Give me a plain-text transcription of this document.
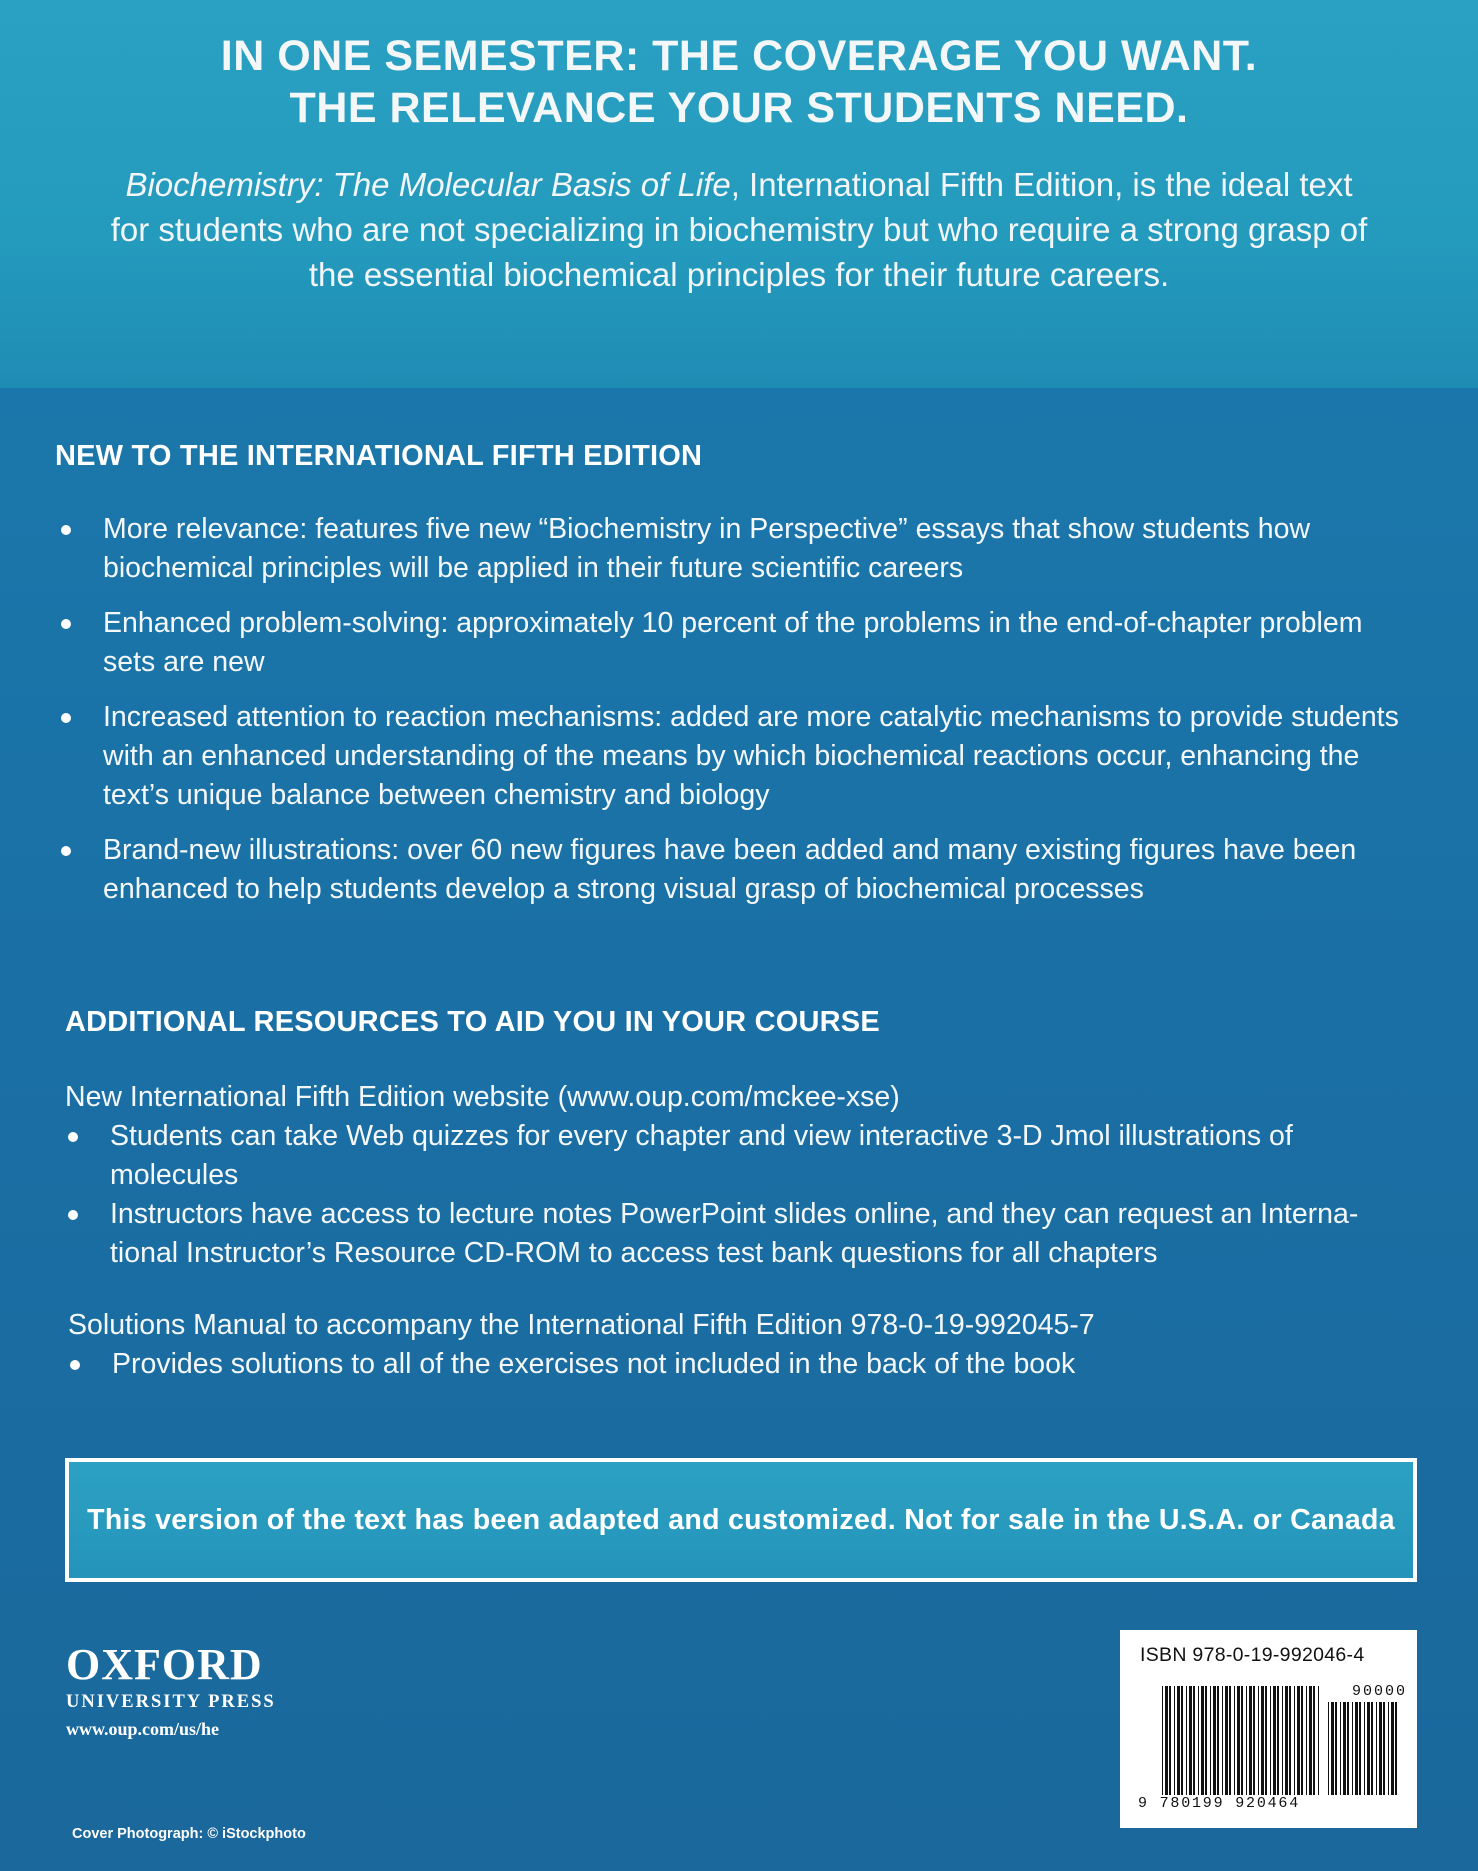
IN ONE SEMESTER: THE COVERAGE YOU WANT.
THE RELEVANCE YOUR STUDENTS NEED.
Biochemistry: The Molecular Basis of Life, International Fifth Edition, is the ideal text
for students who are not specializing in biochemistry but who require a strong grasp of
the essential biochemical principles for their future careers.
NEW TO THE INTERNATIONAL FIFTH EDITION
More relevance: features five new “Biochemistry in Perspective” essays that show students how
biochemical principles will be applied in their future scientific careers
Enhanced problem-solving: approximately 10 percent of the problems in the end-of-chapter problem
sets are new
Increased attention to reaction mechanisms: added are more catalytic mechanisms to provide students
with an enhanced understanding of the means by which biochemical reactions occur, enhancing the
text’s unique balance between chemistry and biology
Brand-new illustrations: over 60 new figures have been added and many existing figures have been
enhanced to help students develop a strong visual grasp of biochemical processes
ADDITIONAL RESOURCES TO AID YOU IN YOUR COURSE
New International Fifth Edition website (www.oup.com/mckee-xse)
Students can take Web quizzes for every chapter and view interactive 3-D Jmol illustrations of
molecules
Instructors have access to lecture notes PowerPoint slides online, and they can request an Interna-
tional Instructor’s Resource CD-ROM to access test bank questions for all chapters
Solutions Manual to accompany the International Fifth Edition 978-0-19-992045-7
Provides solutions to all of the exercises not included in the back of the book
This version of the text has been adapted and customized. Not for sale in the U.S.A. or Canada
OXFORD
UNIVERSITY PRESS
www.oup.com/us/he
Cover Photograph: © iStockphoto
ISBN 978-0-19-992046-4
90000
9 780199 920464
